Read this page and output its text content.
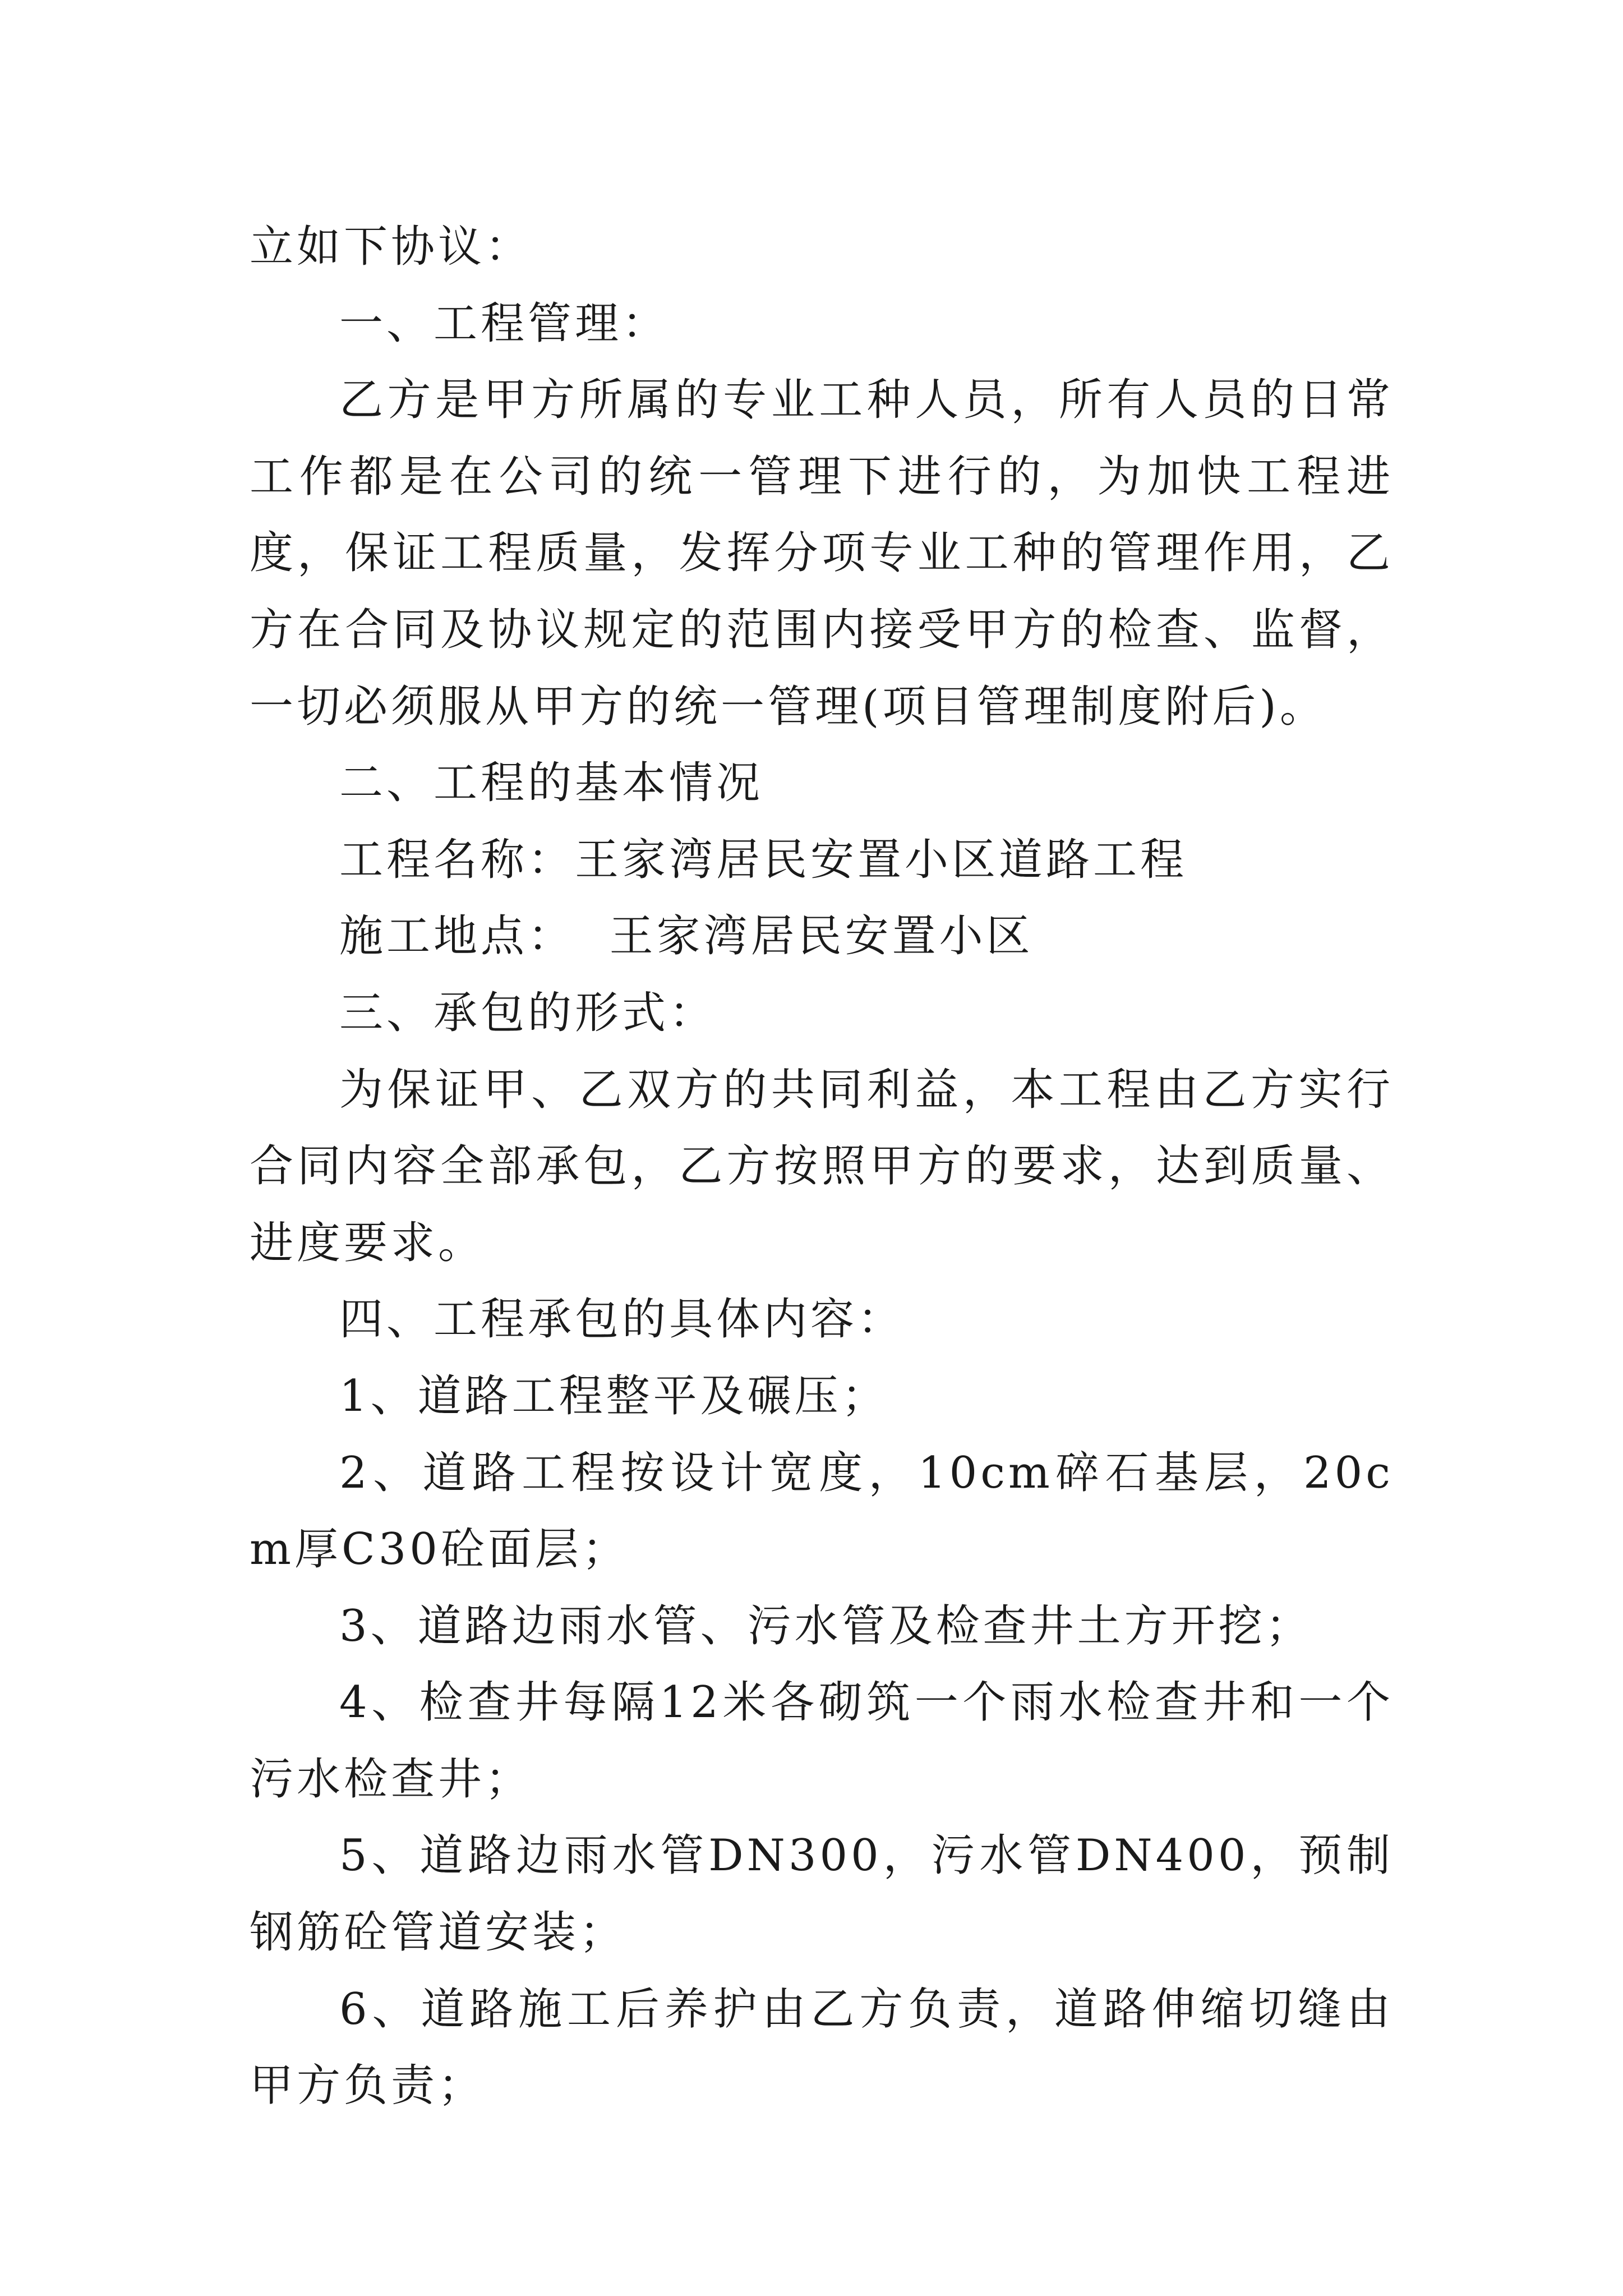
立如下协议：

一、工程管理：

乙方是甲方所属的专业工种人员，所有人员的日常工作都是在公司的统一管理下进行的，为加快工程进度，保证工程质量，发挥分项专业工种的管理作用，乙方在合同及协议规定的范围内接受甲方的检查、监督，一切必须服从甲方的统一管理(项目管理制度附后)。

二、工程的基本情况

工程名称：王家湾居民安置小区道路工程

施工地点：  王家湾居民安置小区

三、承包的形式：

为保证甲、乙双方的共同利益，本工程由乙方实行合同内容全部承包，乙方按照甲方的要求，达到质量、进度要求。

四、工程承包的具体内容：

1、道路工程整平及碾压；

2、道路工程按设计宽度，10cm碎石基层，20cm厚C30砼面层；

3、道路边雨水管、污水管及检查井土方开挖；

4、检查井每隔12米各砌筑一个雨水检查井和一个污水检查井；

5、道路边雨水管DN300，污水管DN400，预制钢筋砼管道安装；

6、道路施工后养护由乙方负责，道路伸缩切缝由甲方负责；
